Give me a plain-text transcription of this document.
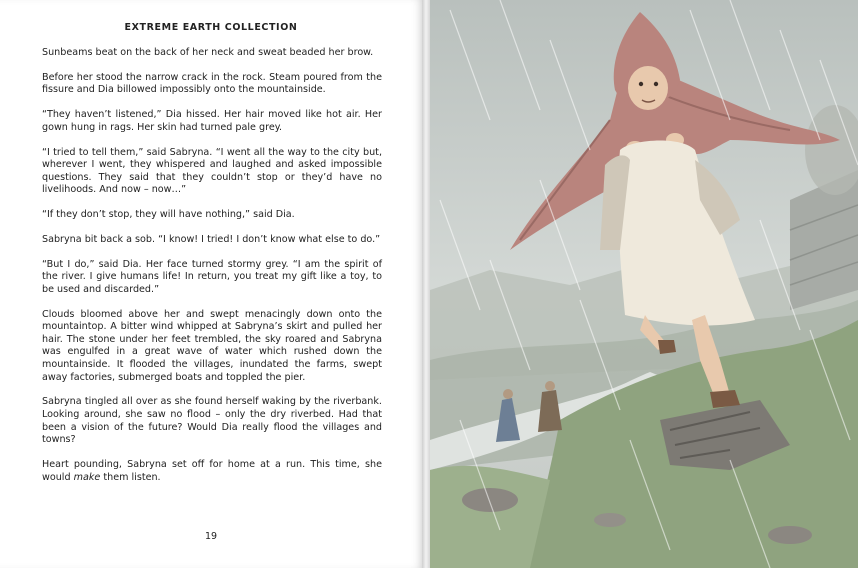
EXTREME EARTH COLLECTION

Sunbeams beat on the back of her neck and sweat beaded her brow.

Before her stood the narrow crack in the rock. Steam poured from the fissure and Dia billowed impossibly onto the mountainside.

“They haven’t listened,” Dia hissed. Her hair moved like hot air. Her gown hung in rags. Her skin had turned pale grey.

“I tried to tell them,” said Sabryna. “I went all the way to the city but, wherever I went, they whispered and laughed and asked impossible questions. They said that they couldn’t stop or they’d have no livelihoods. And now – now…”

“If they don’t stop, they will have nothing,” said Dia.

Sabryna bit back a sob. “I know! I tried! I don’t know what else to do.”

“But I do,” said Dia. Her face turned stormy grey. “I am the spirit of the river. I give humans life! In return, you treat my gift like a toy, to be used and discarded.”

Clouds bloomed above her and swept menacingly down onto the mountaintop. A bitter wind whipped at Sabryna’s skirt and pulled her hair. The stone under her feet trembled, the sky roared and Sabryna was engulfed in a great wave of water which rushed down the mountainside. It flooded the villages, inundated the farms, swept away factories, submerged boats and toppled the pier.

Sabryna tingled all over as she found herself waking by the riverbank. Looking around, she saw no flood – only the dry riverbed. Had that been a vision of the future? Would Dia really flood the villages and towns?

Heart pounding, Sabryna set off for home at a run. This time, she would make them listen.

19
